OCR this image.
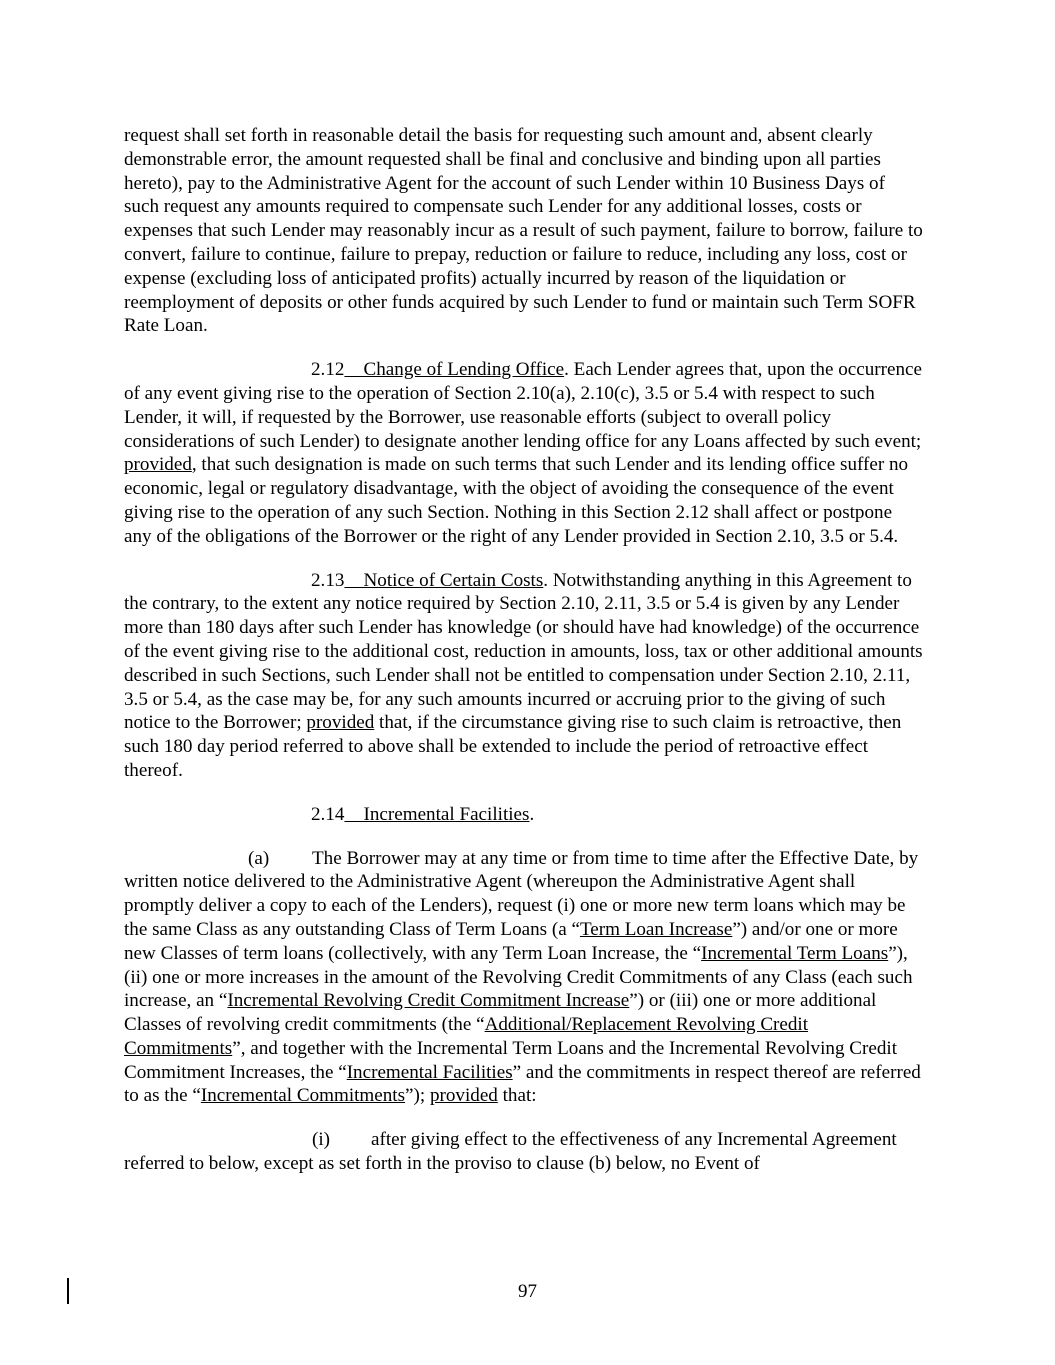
request shall set forth in reasonable detail the basis for requesting such amount and, absent clearly demonstrable error, the amount requested shall be final and conclusive and binding upon all parties hereto), pay to the Administrative Agent for the account of such Lender within 10 Business Days of such request any amounts required to compensate such Lender for any additional losses, costs or expenses that such Lender may reasonably incur as a result of such payment, failure to borrow, failure to convert, failure to continue, failure to prepay, reduction or failure to reduce, including any loss, cost or expense (excluding loss of anticipated profits) actually incurred by reason of the liquidation or reemployment of deposits or other funds acquired by such Lender to fund or maintain such Term SOFR Rate Loan.

2.12 Change of Lending Office. Each Lender agrees that, upon the occurrence of any event giving rise to the operation of Section 2.10(a), 2.10(c), 3.5 or 5.4 with respect to such Lender, it will, if requested by the Borrower, use reasonable efforts (subject to overall policy considerations of such Lender) to designate another lending office for any Loans affected by such event; provided, that such designation is made on such terms that such Lender and its lending office suffer no economic, legal or regulatory disadvantage, with the object of avoiding the consequence of the event giving rise to the operation of any such Section. Nothing in this Section 2.12 shall affect or postpone any of the obligations of the Borrower or the right of any Lender provided in Section 2.10, 3.5 or 5.4.

2.13 Notice of Certain Costs. Notwithstanding anything in this Agreement to the contrary, to the extent any notice required by Section 2.10, 2.11, 3.5 or 5.4 is given by any Lender more than 180 days after such Lender has knowledge (or should have had knowledge) of the occurrence of the event giving rise to the additional cost, reduction in amounts, loss, tax or other additional amounts described in such Sections, such Lender shall not be entitled to compensation under Section 2.10, 2.11, 3.5 or 5.4, as the case may be, for any such amounts incurred or accruing prior to the giving of such notice to the Borrower; provided that, if the circumstance giving rise to such claim is retroactive, then such 180 day period referred to above shall be extended to include the period of retroactive effect thereof.

2.14 Incremental Facilities.

(a) The Borrower may at any time or from time to time after the Effective Date, by written notice delivered to the Administrative Agent (whereupon the Administrative Agent shall promptly deliver a copy to each of the Lenders), request (i) one or more new term loans which may be the same Class as any outstanding Class of Term Loans (a “Term Loan Increase”) and/or one or more new Classes of term loans (collectively, with any Term Loan Increase, the “Incremental Term Loans”), (ii) one or more increases in the amount of the Revolving Credit Commitments of any Class (each such increase, an “Incremental Revolving Credit Commitment Increase”) or (iii) one or more additional Classes of revolving credit commitments (the “Additional/Replacement Revolving Credit Commitments”, and together with the Incremental Term Loans and the Incremental Revolving Credit Commitment Increases, the “Incremental Facilities” and the commitments in respect thereof are referred to as the “Incremental Commitments”); provided that:

(i) after giving effect to the effectiveness of any Incremental Agreement referred to below, except as set forth in the proviso to clause (b) below, no Event of

97
